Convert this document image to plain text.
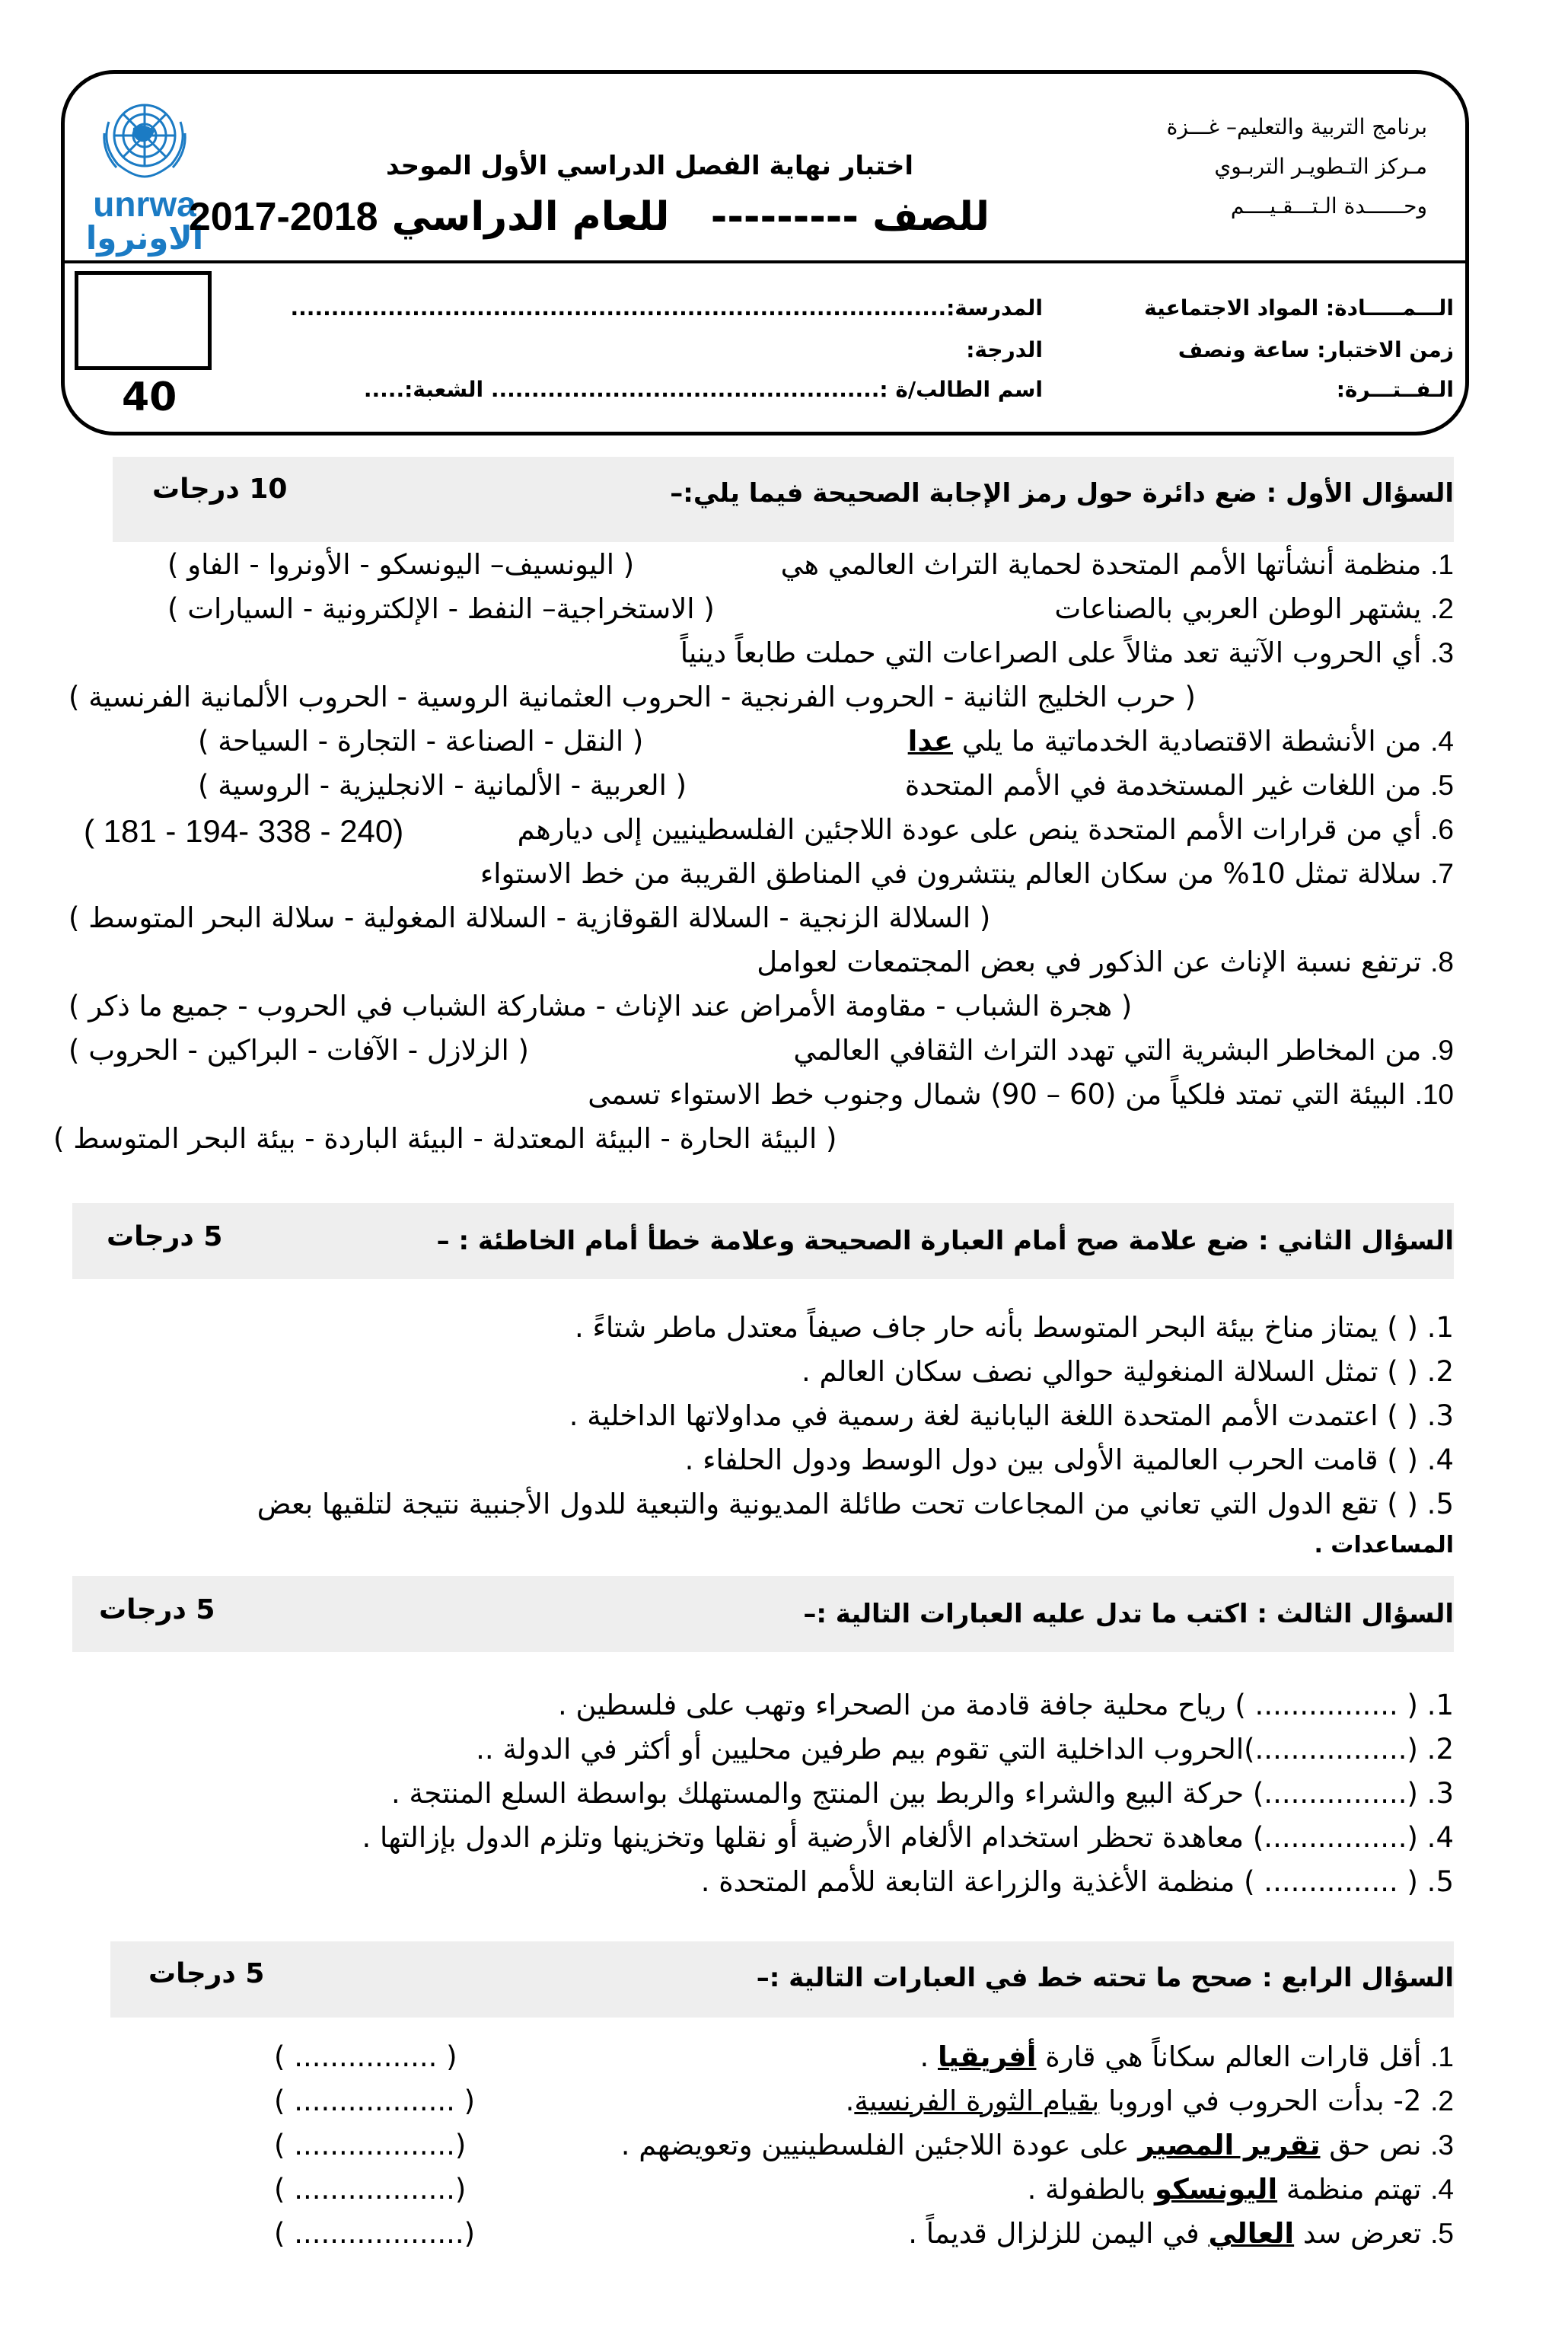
unrwa
الاونروا
برنامج التربية والتعليم– غـــزة
مـركز التـطويـر التربـوي
وحــــــدة الـتـــقـيــــم
اختبار نهاية الفصل الدراسي الأول الموحد
للصف ---------   للعام الدراسي 2018-2017
الـــمـــــادة: المواد الاجتماعية
زمن الاختبار: ساعة ونصف
الـفــتـــرة:
المدرسة:.................................................................................
الدرجة:
اسم الطالب/ة :................................................ الشعبة:.....
40
السؤال الأول : ضع دائرة حول رمز الإجابة الصحيحة فيما يلي:–
10 درجات
1. منظمة أنشأتها الأمم المتحدة لحماية التراث العالمي هي
( اليونسيف– اليونسكو - الأونروا - الفاو )
2. يشتهر الوطن العربي بالصناعات
( الاستخراجية– النفط - الإلكترونية - السيارات )
3. أي الحروب الآتية تعد مثالاً على الصراعات التي حملت طابعاً دينياً
( حرب الخليج الثانية - الحروب الفرنجية - الحروب العثمانية الروسية - الحروب الألمانية الفرنسية )
4. من الأنشطة الاقتصادية الخدماتية ما يلي عدا
( النقل - الصناعة - التجارة - السياحة )
5. من اللغات غير المستخدمة في الأمم المتحدة
( العربية - الألمانية - الانجليزية - الروسية )
6. أي من قرارات الأمم المتحدة ينص على عودة اللاجئين الفلسطينيين إلى ديارهم
(240 - 338 -194 - 181 )
7. سلالة تمثل 10% من سكان العالم ينتشرون في المناطق القريبة من خط الاستواء
( السلالة الزنجية - السلالة القوقازية - السلالة المغولية - سلالة البحر المتوسط )
8. ترتفع نسبة الإناث عن الذكور في بعض المجتمعات لعوامل
( هجرة الشباب - مقاومة الأمراض عند الإناث - مشاركة الشباب في الحروب - جميع ما ذكر )
9. من المخاطر البشرية التي تهدد التراث الثقافي العالمي
( الزلازل - الآفات - البراكين - الحروب )
10. البيئة التي تمتد فلكياً من (60 – 90) شمال وجنوب خط الاستواء تسمى
( البيئة الحارة - البيئة المعتدلة - البيئة الباردة - بيئة البحر المتوسط )
السؤال الثاني : ضع علامة صح أمام العبارة الصحيحة وعلامة خطأ أمام الخاطئة : –
5 درجات
1. ( ) يمتاز مناخ بيئة البحر المتوسط بأنه حار جاف صيفاً معتدل ماطر شتاءً .
2. ( ) تمثل السلالة المنغولية حوالي نصف سكان العالم .
3. ( ) اعتمدت الأمم المتحدة اللغة اليابانية لغة رسمية في مداولاتها الداخلية .
4. ( ) قامت الحرب العالمية الأولى بين دول الوسط ودول الحلفاء .
5. ( ) تقع الدول التي تعاني من المجاعات تحت طائلة المديونية والتبعية للدول الأجنبية نتيجة لتلقيها بعض
المساعدات .
السؤال الثالث : اكتب ما تدل عليه العبارات التالية :–
5 درجات
1. ( ................ ) رياح محلية جافة قادمة من الصحراء وتهب على فلسطين .
2. (.................)الحروب الداخلية التي تقوم بيم طرفين محليين أو أكثر في الدولة ..
3. (................) حركة البيع والشراء والربط بين المنتج والمستهلك بواسطة السلع المنتجة .
4. (................) معاهدة تحظر استخدام الألغام الأرضية أو نقلها وتخزينها وتلزم الدول بإزالتها .
5. ( ............... ) منظمة الأغذية والزراعة التابعة للأمم المتحدة .
السؤال الرابع : صحح ما تحته خط في العبارات التالية :–
5 درجات
1. أقل قارات العالم سكاناً هي قارة أفريقيا .
( ................ )
2. 2- بدأت الحروب في اوروبا بقيام الثورة الفرنسية.
( .................. )
3. نص حق تقرير المصير على عودة اللاجئين الفلسطينيين وتعويضهم .
(.................. )
4. تهتم منظمة اليونسكو بالطفولة .
(.................. )
5. تعرض سد العالي في اليمن للزلزال قديماً .
(................... )
